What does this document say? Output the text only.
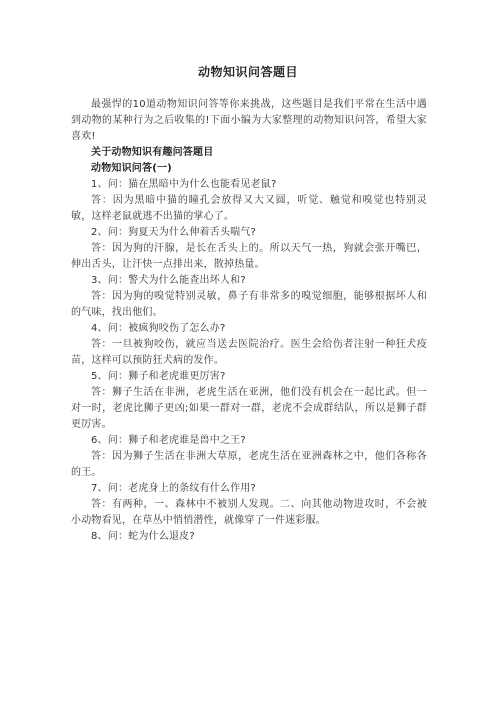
动物知识问答题目

最强悍的10道动物知识问答等你来挑战，这些题目是我们平常在生活中遇到动物的某种行为之后收集的!下面小编为大家整理的动物知识问答，希望大家喜欢!

关于动物知识有趣问答题目

动物知识问答(一)

1、问：猫在黑暗中为什么也能看见老鼠?

答：因为黑暗中猫的瞳孔会放得又大又圆，听觉、触觉和嗅觉也特别灵敏，这样老鼠就逃不出猫的掌心了。

2、问：狗夏天为什么伸着舌头喘气?

答：因为狗的汗腺，是长在舌头上的。所以天气一热，狗就会张开嘴巴，伸出舌头，让汗快一点排出来，散掉热量。

3、问：警犬为什么能查出坏人和?

答：因为狗的嗅觉特别灵敏，鼻子有非常多的嗅觉细胞，能够根据坏人和的气味，找出他们。

4、问：被疯狗咬伤了怎么办?

答：一旦被狗咬伤，就应当送去医院治疗。医生会给伤者注射一种狂犬疫苗，这样可以预防狂犬病的发作。

5、问：狮子和老虎谁更厉害?

答：狮子生活在非洲，老虎生活在亚洲，他们没有机会在一起比武。但一对一时，老虎比狮子更凶;如果一群对一群，老虎不会成群结队，所以是狮子群更厉害。

6、问：狮子和老虎谁是兽中之王?

答：因为狮子生活在非洲大草原，老虎生活在亚洲森林之中，他们各称各的王。

7、问：老虎身上的条纹有什么作用?

答：有两种，一、森林中不被别人发现。二、向其他动物进攻时，不会被小动物看见，在草丛中悄悄潜性，就像穿了一件迷彩服。

8、问：蛇为什么退皮?
